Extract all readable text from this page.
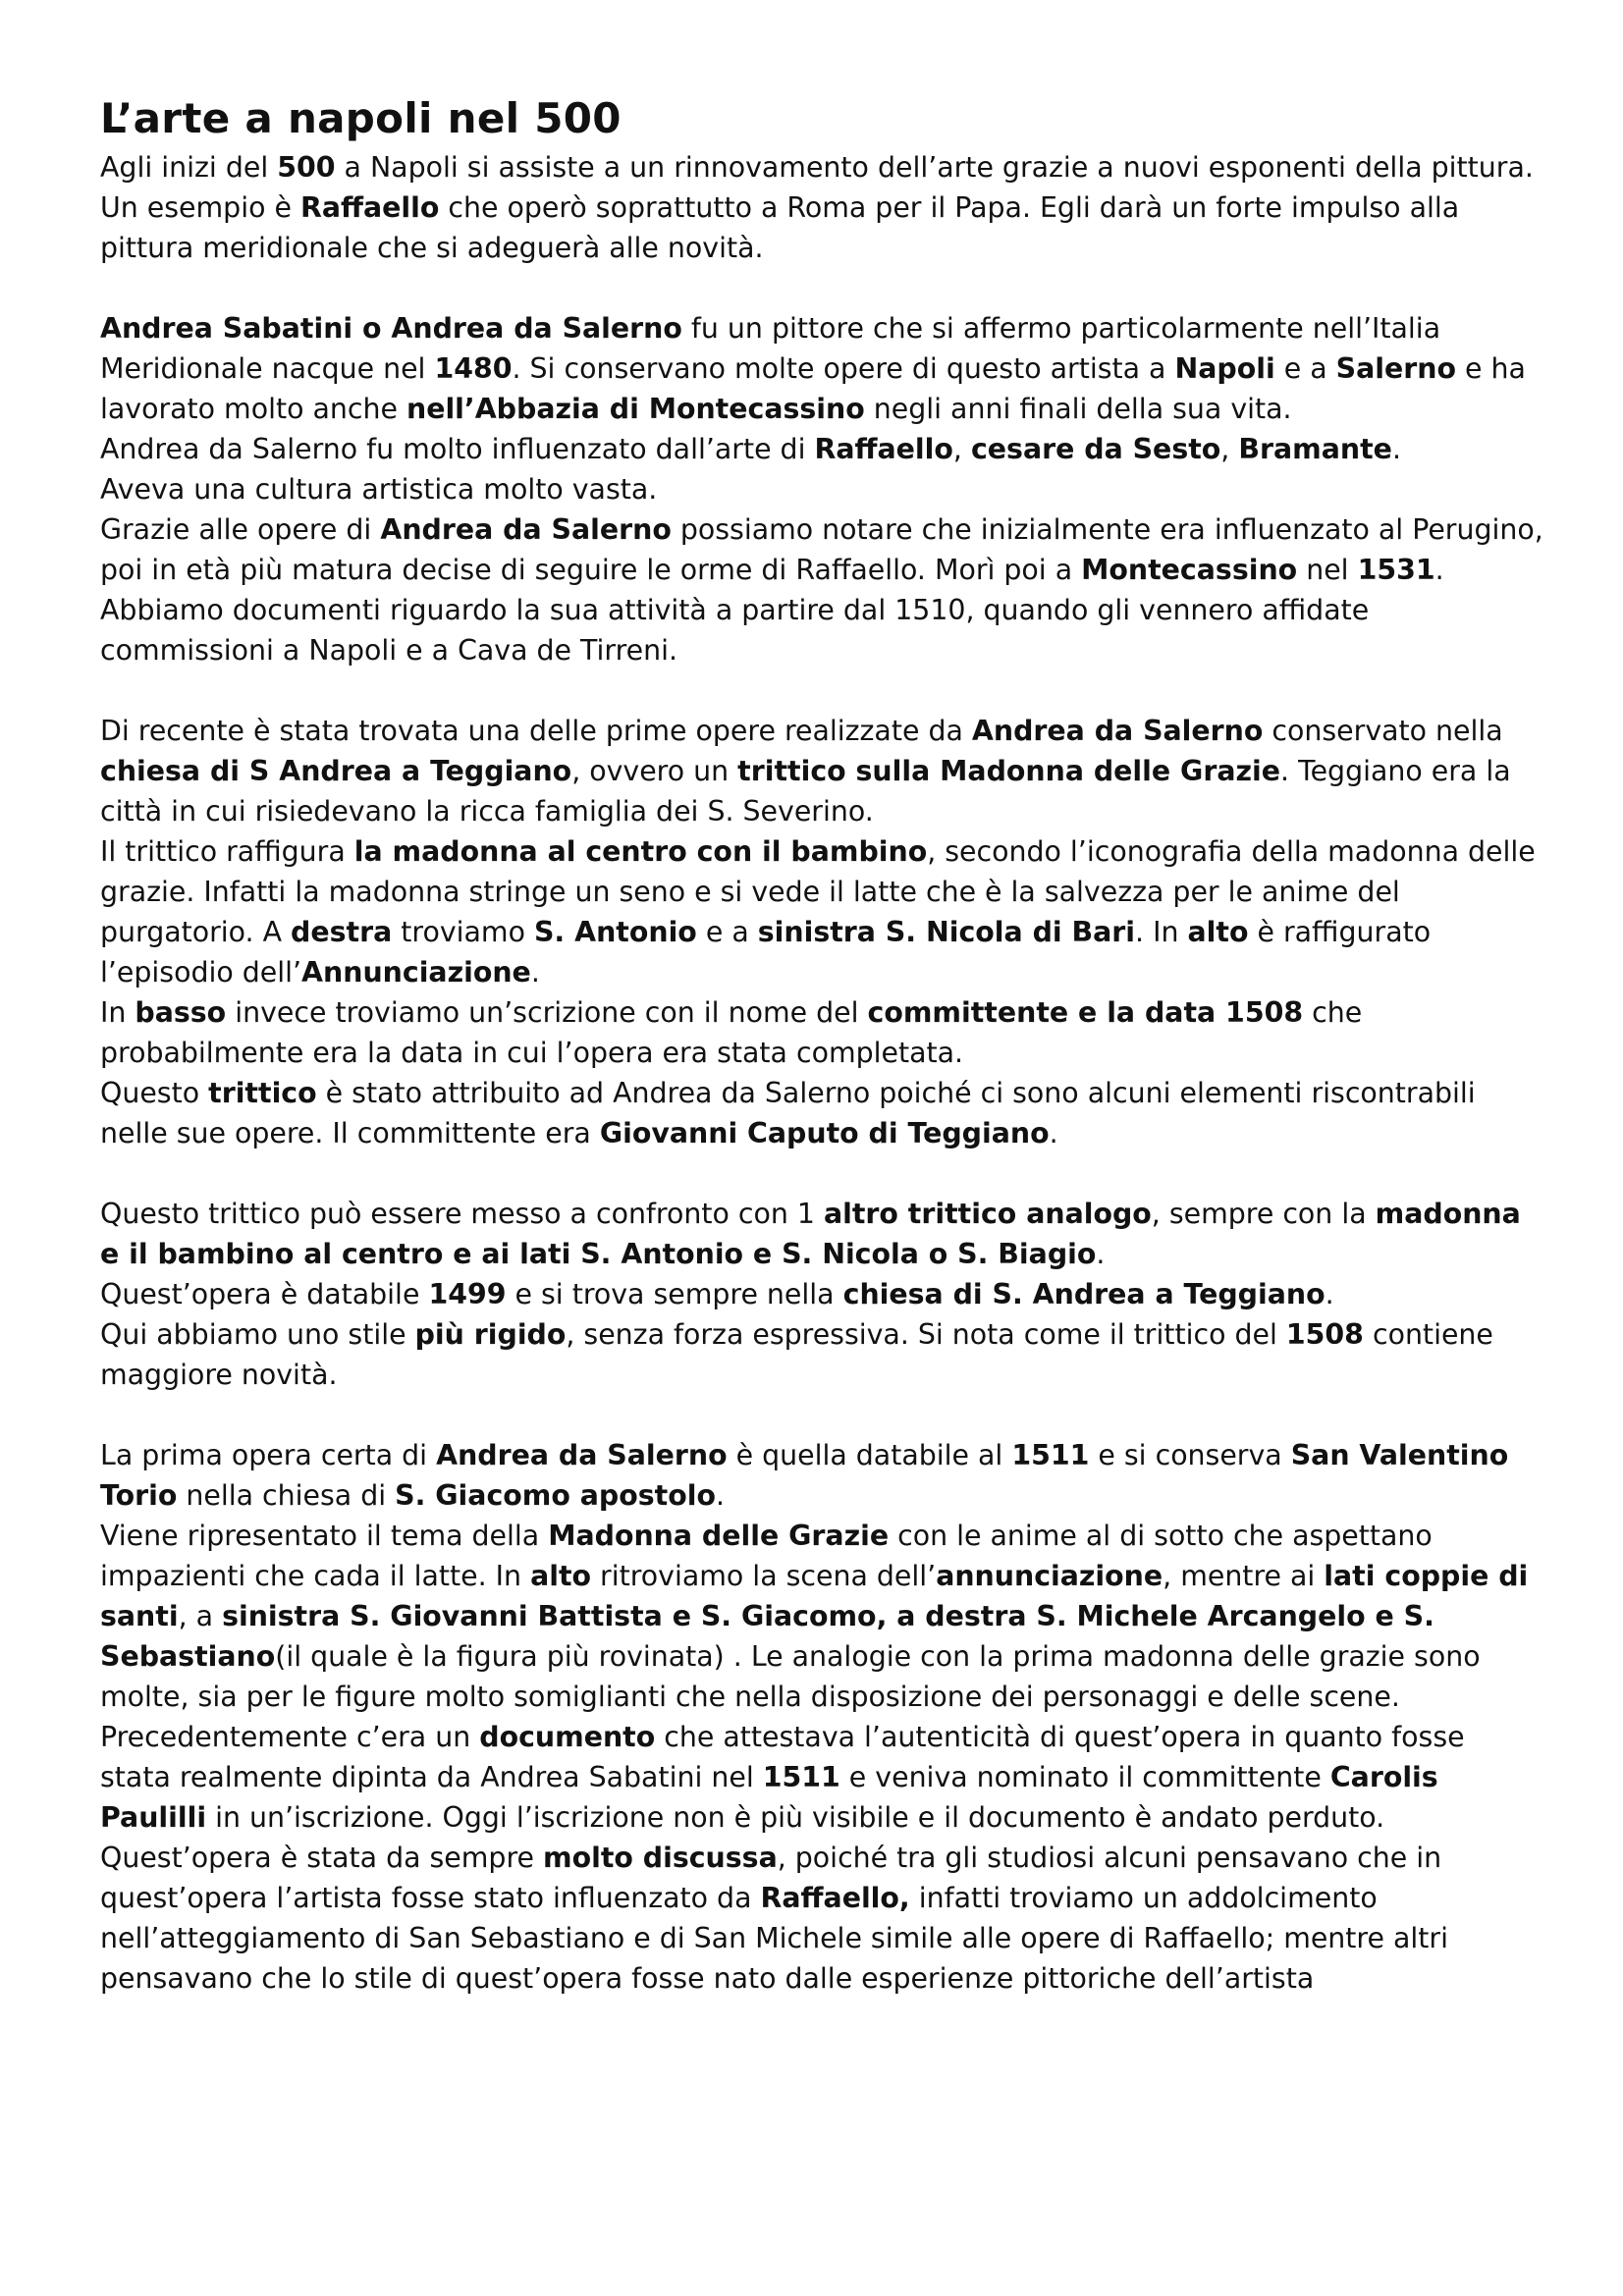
L’arte a napoli nel 500

Agli inizi del 500 a Napoli si assiste a un rinnovamento dell’arte grazie a nuovi esponenti della pittura.

Un esempio è Raffaello che operò soprattutto a Roma per il Papa. Egli darà un forte impulso alla pittura meridionale che si adeguerà alle novità.

Andrea Sabatini o Andrea da Salerno fu un pittore che si affermo particolarmente nell’Italia Meridionale nacque nel 1480. Si conservano molte opere di questo artista a Napoli e a Salerno e ha lavorato molto anche nell’Abbazia di Montecassino negli anni finali della sua vita.

Andrea da Salerno fu molto influenzato dall’arte di Raffaello, cesare da Sesto, Bramante.

Aveva una cultura artistica molto vasta.

Grazie alle opere di Andrea da Salerno possiamo notare che inizialmente era influenzato al Perugino, poi in età più matura decise di seguire le orme di Raffaello. Morì poi a Montecassino nel 1531.

Abbiamo documenti riguardo la sua attività a partire dal 1510, quando gli vennero affidate commissioni a Napoli e a Cava de Tirreni.

Di recente è stata trovata una delle prime opere realizzate da Andrea da Salerno conservato nella chiesa di S Andrea a Teggiano, ovvero un trittico sulla Madonna delle Grazie. Teggiano era la città in cui risiedevano la ricca famiglia dei S. Severino.

Il trittico raffigura la madonna al centro con il bambino, secondo l’iconografia della madonna delle grazie. Infatti la madonna stringe un seno e si vede il latte che è la salvezza per le anime del purgatorio. A destra troviamo S. Antonio e a sinistra S. Nicola di Bari. In alto è raffigurato l’episodio dell’Annunciazione.

In basso invece troviamo un’scrizione con il nome del committente e la data 1508 che probabilmente era la data in cui l’opera era stata completata.

Questo trittico è stato attribuito ad Andrea da Salerno poiché ci sono alcuni elementi riscontrabili nelle sue opere. Il committente era Giovanni Caputo di Teggiano.

Questo trittico può essere messo a confronto con 1 altro trittico analogo, sempre con la madonna e il bambino al centro e ai lati S. Antonio e S. Nicola o S. Biagio.

Quest’opera è databile 1499 e si trova sempre nella chiesa di S. Andrea a Teggiano.

Qui abbiamo uno stile più rigido, senza forza espressiva. Si nota come il trittico del 1508 contiene maggiore novità.

La prima opera certa di Andrea da Salerno è quella databile al 1511 e si conserva San Valentino Torio nella chiesa di S. Giacomo apostolo.

Viene ripresentato il tema della Madonna delle Grazie con le anime al di sotto che aspettano impazienti che cada il latte. In alto ritroviamo la scena dell’annunciazione, mentre ai lati coppie di santi, a sinistra S. Giovanni Battista e S. Giacomo, a destra S. Michele Arcangelo e S. Sebastiano(il quale è la figura più rovinata) . Le analogie con la prima madonna delle grazie sono molte, sia per le figure molto somiglianti che nella disposizione dei personaggi e delle scene.

Precedentemente c’era un documento che attestava l’autenticità di quest’opera in quanto fosse stata realmente dipinta da Andrea Sabatini nel 1511 e veniva nominato il committente Carolis Paulilli in un’iscrizione. Oggi l’iscrizione non è più visibile e il documento è andato perduto.

Quest’opera è stata da sempre molto discussa, poiché tra gli studiosi alcuni pensavano che in quest’opera l’artista fosse stato influenzato da Raffaello, infatti troviamo un addolcimento nell’atteggiamento di San Sebastiano e di San Michele simile alle opere di Raffaello; mentre altri pensavano che lo stile di quest’opera fosse nato dalle esperienze pittoriche dell’artista
